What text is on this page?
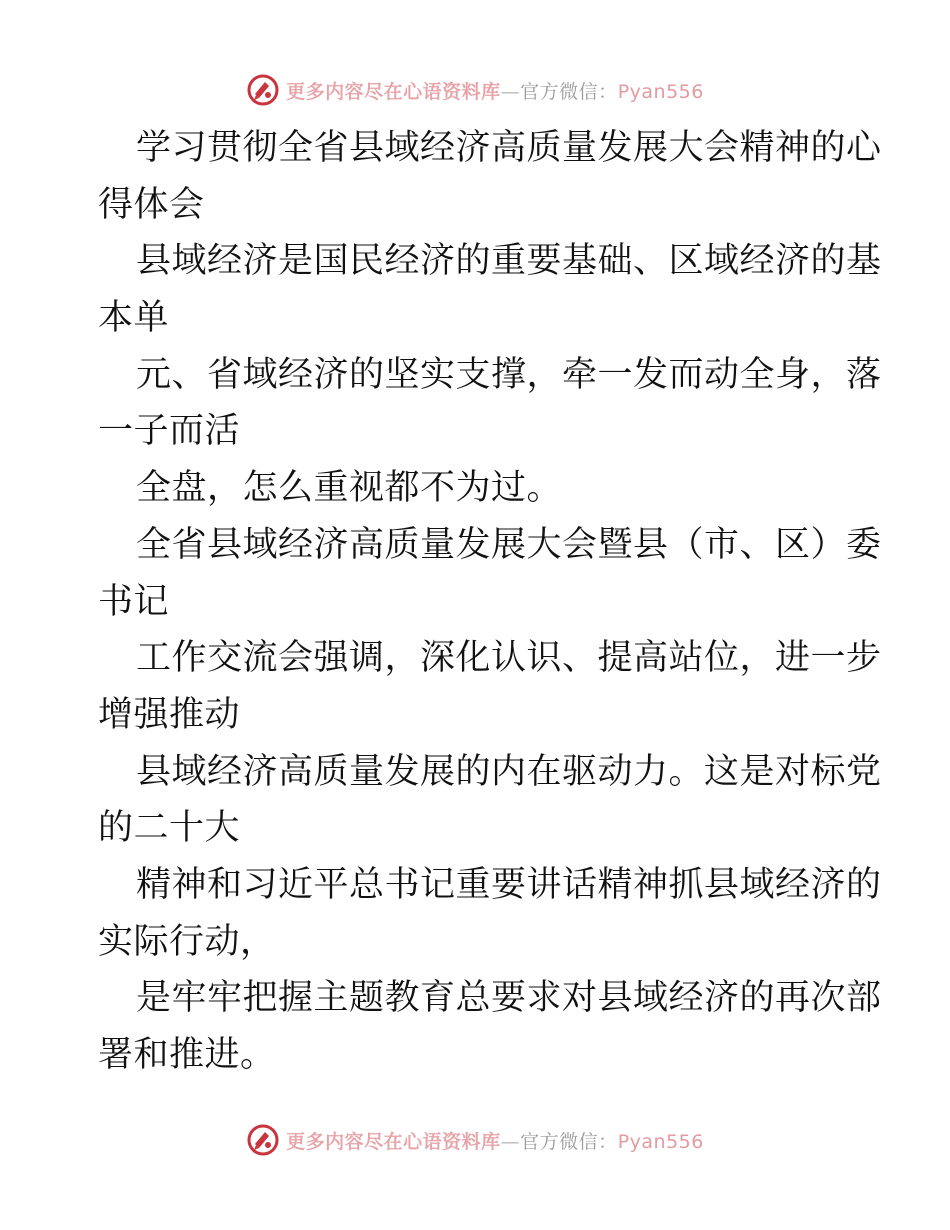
更多内容尽在心语资料库—官方微信：Pyan556
学习贯彻全省县域经济高质量发展大会精神的心
得体会
县域经济是国民经济的重要基础、区域经济的基
本单
元、省域经济的坚实支撑，牵一发而动全身，落
一子而活
全盘，怎么重视都不为过。
全省县域经济高质量发展大会暨县（市、区）委
书记
工作交流会强调，深化认识、提高站位，进一步
增强推动
县域经济高质量发展的内在驱动力。这是对标党
的二十大
精神和习近平总书记重要讲话精神抓县域经济的
实际行动，
是牢牢把握主题教育总要求对县域经济的再次部
署和推进。
更多内容尽在心语资料库—官方微信：Pyan556
